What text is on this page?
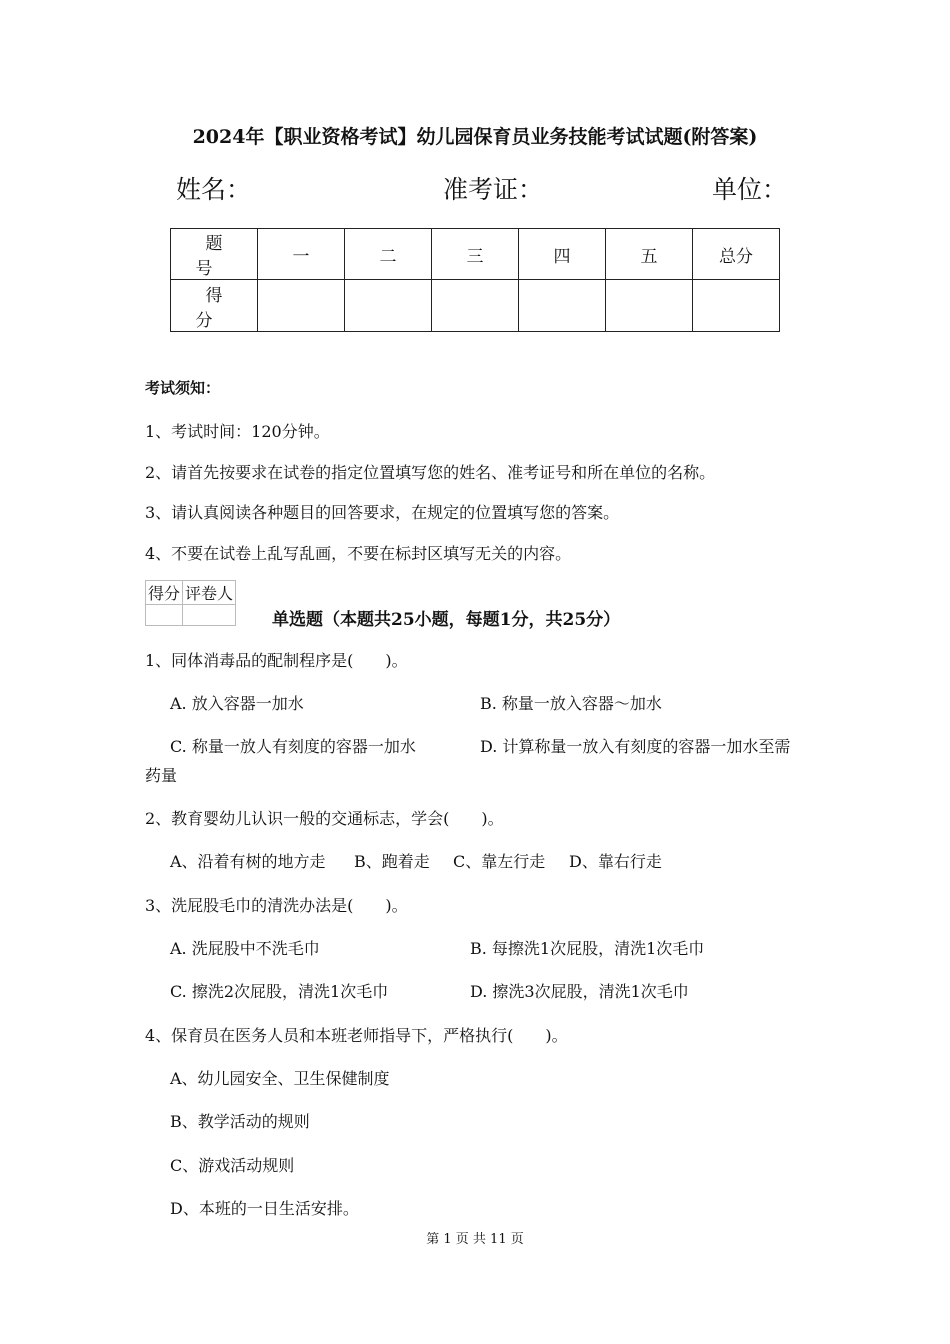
2024年【职业资格考试】幼儿园保育员业务技能考试试题(附答案)
姓名：	准考证：	单位：
题 号	一	二	三	四	五	总分
得 分						
考试须知：
1、考试时间：120分钟。
2、请首先按要求在试卷的指定位置填写您的姓名、准考证号和所在单位的名称。
3、请认真阅读各种题目的回答要求，在规定的位置填写您的答案。
4、不要在试卷上乱写乱画，不要在标封区填写无关的内容。
得分	评卷人

单选题（本题共25小题，每题1分，共25分）
1、同体消毒品的配制程序是(　　)。
A. 放入容器一加水	B. 称量一放入容器～加水
C. 称量一放人有刻度的容器一加水	D. 计算称量一放入有刻度的容器一加水至需
药量
2、教育婴幼儿认识一般的交通标志，学会(　　)。
A、沿着有树的地方走 B、跑着走 C、靠左行走 D、靠右行走
3、洗屁股毛巾的清洗办法是(　　)。
A. 洗屁股中不洗毛巾	B. 每擦洗1次屁股，清洗1次毛巾
C. 擦洗2次屁股，清洗1次毛巾	D. 擦洗3次屁股，清洗1次毛巾
4、保育员在医务人员和本班老师指导下，严格执行(　　)。
A、幼儿园安全、卫生保健制度
B、教学活动的规则
C、游戏活动规则
D、本班的一日生活安排。
第 1 页 共 11 页
